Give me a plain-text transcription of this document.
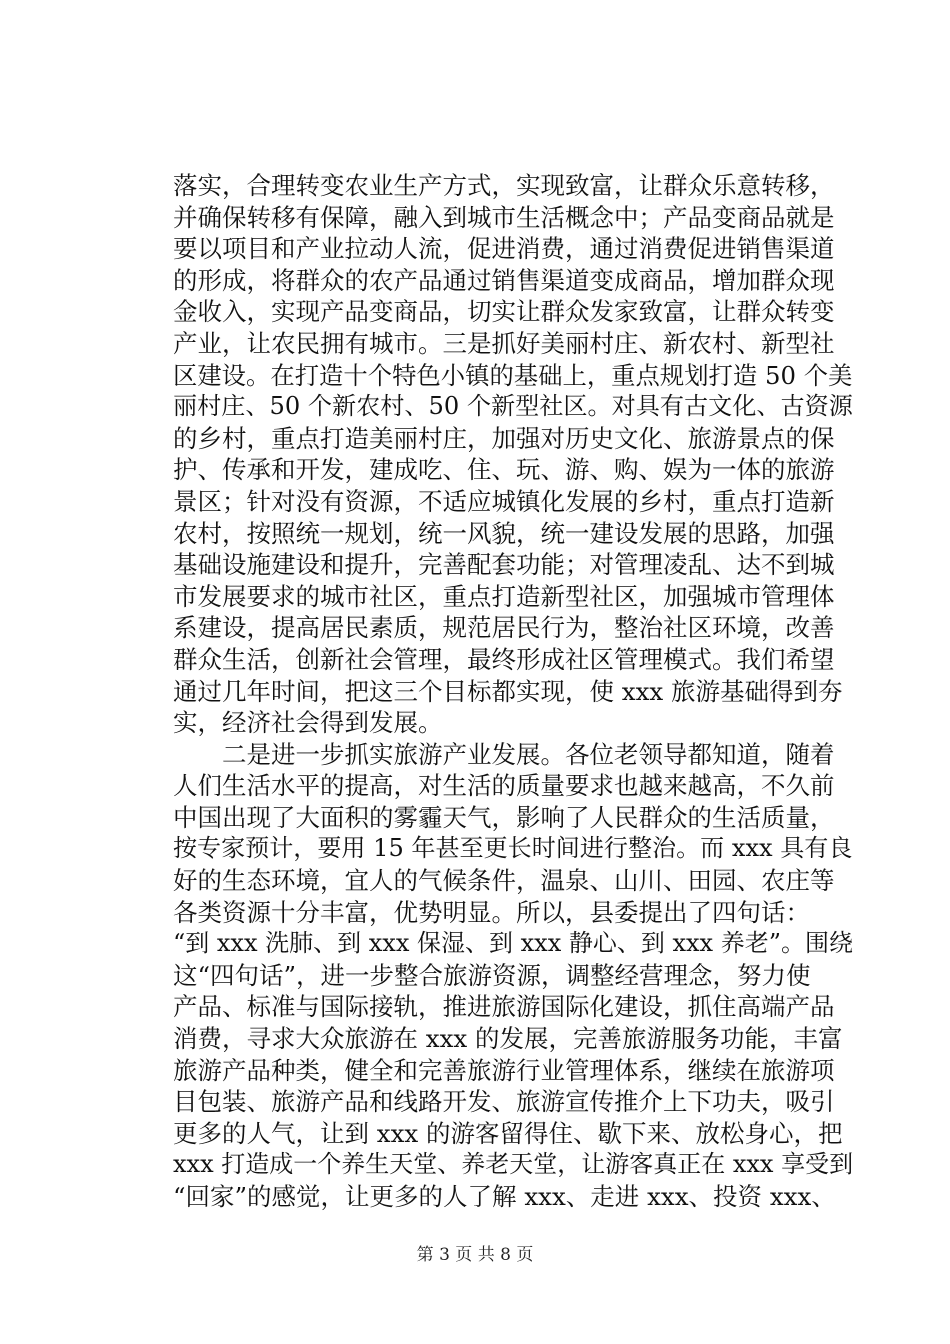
落实，合理转变农业生产方式，实现致富，让群众乐意转移，
并确保转移有保障，融入到城市生活概念中；产品变商品就是
要以项目和产业拉动人流，促进消费，通过消费促进销售渠道
的形成，将群众的农产品通过销售渠道变成商品，增加群众现
金收入，实现产品变商品，切实让群众发家致富，让群众转变
产业，让农民拥有城市。三是抓好美丽村庄、新农村、新型社
区建设。在打造十个特色小镇的基础上，重点规划打造 50 个美
丽村庄、50 个新农村、50 个新型社区。对具有古文化、古资源
的乡村，重点打造美丽村庄，加强对历史文化、旅游景点的保
护、传承和开发，建成吃、住、玩、游、购、娱为一体的旅游
景区；针对没有资源，不适应城镇化发展的乡村，重点打造新
农村，按照统一规划，统一风貌，统一建设发展的思路，加强
基础设施建设和提升，完善配套功能；对管理凌乱、达不到城
市发展要求的城市社区，重点打造新型社区，加强城市管理体
系建设，提高居民素质，规范居民行为，整治社区环境，改善
群众生活，创新社会管理，最终形成社区管理模式。我们希望
通过几年时间，把这三个目标都实现，使 xxx 旅游基础得到夯
实，经济社会得到发展。
　　二是进一步抓实旅游产业发展。各位老领导都知道，随着
人们生活水平的提高，对生活的质量要求也越来越高，不久前
中国出现了大面积的雾霾天气，影响了人民群众的生活质量，
按专家预计，要用 15 年甚至更长时间进行整治。而 xxx 具有良
好的生态环境，宜人的气候条件，温泉、山川、田园、农庄等
各类资源十分丰富，优势明显。所以，县委提出了四句话：
“到 xxx 洗肺、到 xxx 保湿、到 xxx 静心、到 xxx 养老”。围绕
这“四句话”，进一步整合旅游资源，调整经营理念，努力使
产品、标准与国际接轨，推进旅游国际化建设，抓住高端产品
消费，寻求大众旅游在 xxx 的发展，完善旅游服务功能，丰富
旅游产品种类，健全和完善旅游行业管理体系，继续在旅游项
目包装、旅游产品和线路开发、旅游宣传推介上下功夫，吸引
更多的人气，让到 xxx 的游客留得住、歇下来、放松身心，把
xxx 打造成一个养生天堂、养老天堂，让游客真正在 xxx 享受到
“回家”的感觉，让更多的人了解 xxx、走进 xxx、投资 xxx、
第 3 页 共 8 页
